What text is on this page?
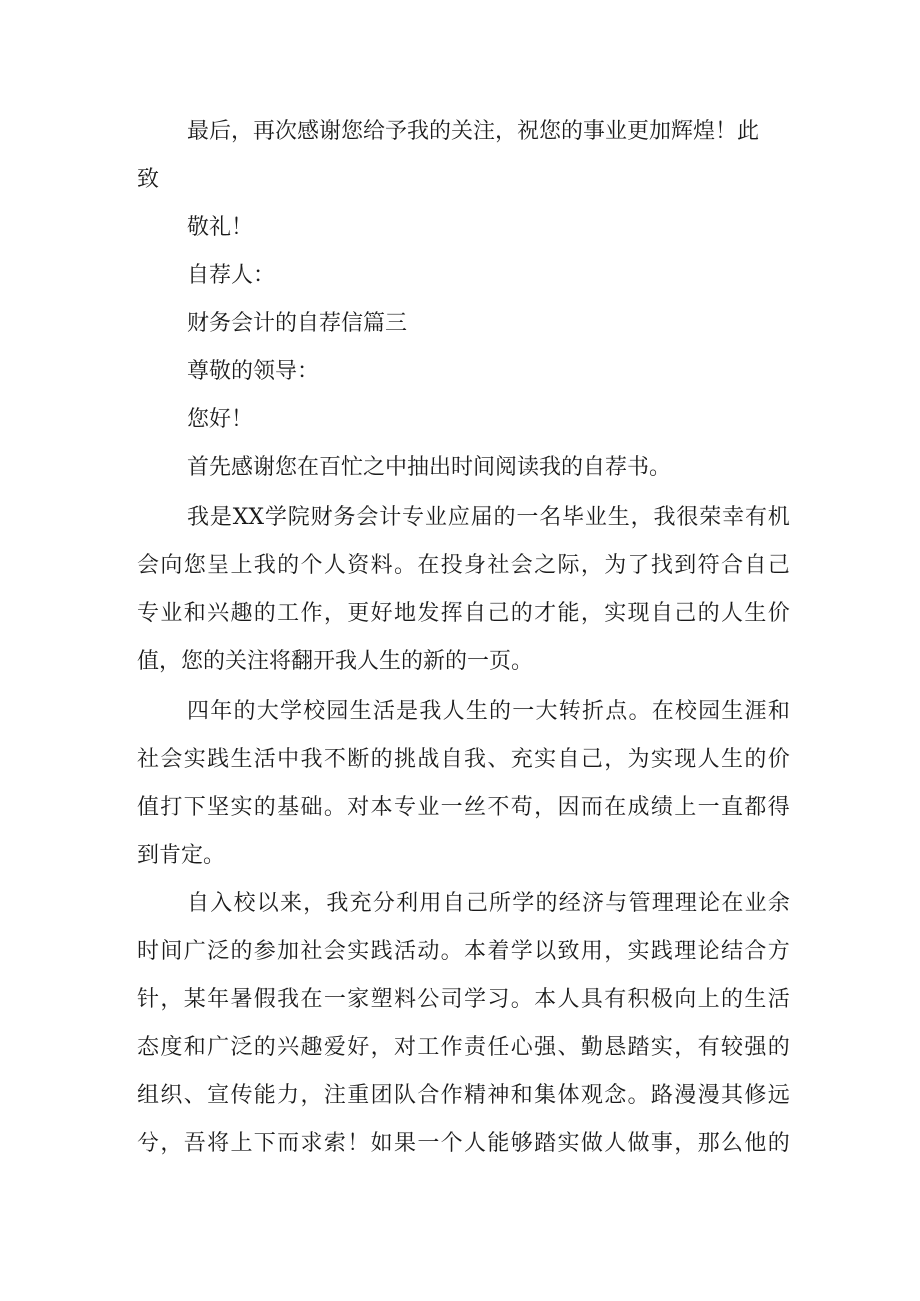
最后，再次感谢您给予我的关注，祝您的事业更加辉煌！此
致
敬礼！
自荐人：
财务会计的自荐信篇三
尊敬的领导：
您好！
首先感谢您在百忙之中抽出时间阅读我的自荐书。
我 是 XX 学 院 财 务 会 计 专 业 应 届 的 一 名 毕 业 生 ， 我 很 荣 幸 有 机
会 向 您 呈 上 我 的 个 人 资 料 。 在 投 身 社 会 之 际 ， 为 了 找 到 符 合 自 己
专 业 和 兴 趣 的 工 作 ， 更 好 地 发 挥 自 己 的 才 能 ， 实 现 自 己 的 人 生 价
值，您的关注将翻开我人生的新的一页。
四 年 的 大 学 校 园 生 活 是 我 人 生 的 一 大 转 折 点 。 在 校 园 生 涯 和
社 会 实 践 生 活 中 我 不 断 的 挑 战 自 我 、 充 实 自 己 ， 为 实 现 人 生 的 价
值 打 下 坚 实 的 基 础 。 对 本 专 业 一 丝 不 苟 ， 因 而 在 成 绩 上 一 直 都 得
到肯定。
自 入 校 以 来 ， 我 充 分 利 用 自 己 所 学 的 经 济 与 管 理 理 论 在 业 余
时 间 广 泛 的 参 加 社 会 实 践 活 动 。 本 着 学 以 致 用 ， 实 践 理 论 结 合 方
针 ， 某 年 暑 假 我 在 一 家 塑 料 公 司 学 习 。 本 人 具 有 积 极 向 上 的 生 活
态 度 和 广 泛 的 兴 趣 爱 好 ， 对 工 作 责 任 心 强 、 勤 恳 踏 实 ， 有 较 强 的
组 织 、 宣 传 能 力 ， 注 重 团 队 合 作 精 神 和 集 体 观 念 。 路 漫 漫 其 修 远
兮 ， 吾 将 上 下 而 求 索 ！ 如 果 一 个 人 能 够 踏 实 做 人 做 事 ， 那 么 他 的
